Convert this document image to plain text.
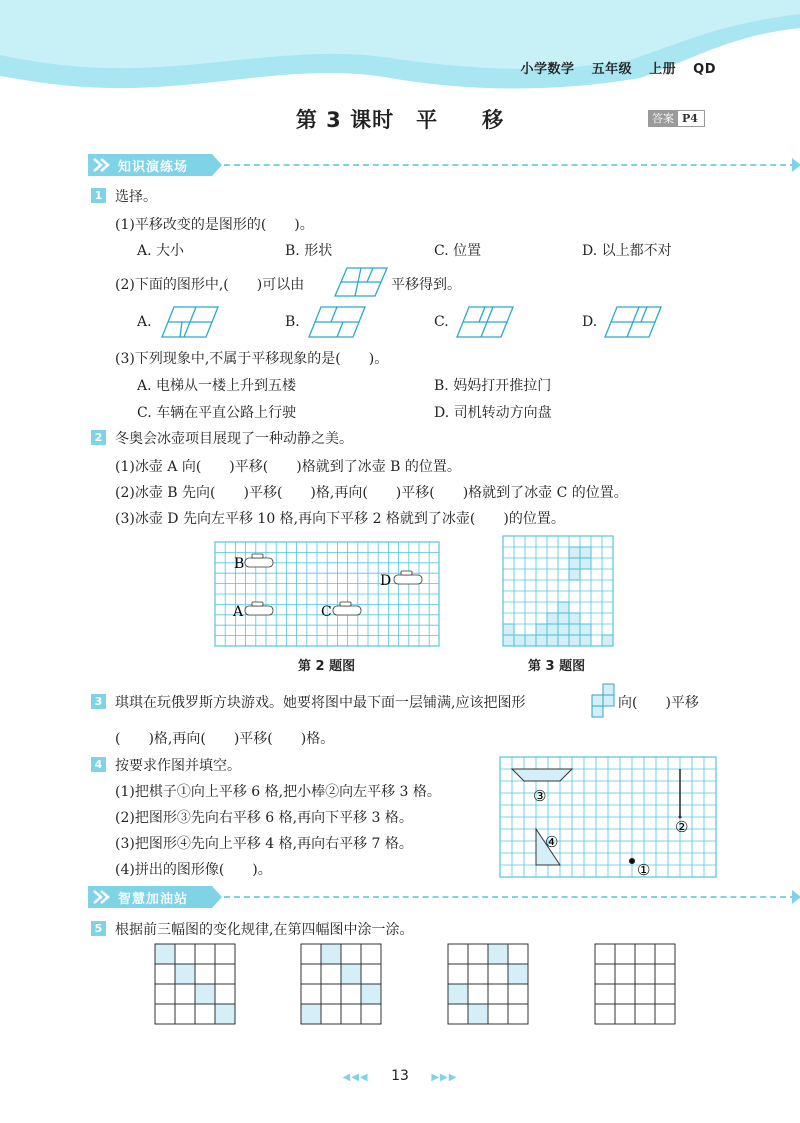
小学数学 五年级 上册 QD
第 3 课时　平　　移	答案 P4
知识演练场
1 选择。
(1)平移改变的是图形的(　　)。
A. 大小	B. 形状	C. 位置	D. 以上都不对
(2)下面的图形中,(　　)可以由	平移得到。
A.	B.	C.	D.
(3)下列现象中,不属于平移现象的是(　　)。
A. 电梯从一楼上升到五楼	B. 妈妈打开推拉门
C. 车辆在平直公路上行驶	D. 司机转动方向盘
2 冬奥会冰壶项目展现了一种动静之美。
(1)冰壶 A 向(　　)平移(　　)格就到了冰壶 B 的位置。
(2)冰壶 B 先向(　　)平移(　　)格,再向(　　)平移(　　)格就到了冰壶 C 的位置。
(3)冰壶 D 先向左平移 10 格,再向下平移 2 格就到了冰壶(　　)的位置。
B
A	C
D
第 2 题图	第 3 题图
3 琪琪在玩俄罗斯方块游戏。她要将图中最下面一层铺满,应该把图形	向(　　)平移
(　　)格,再向(　　)平移(　　)格。
4 按要求作图并填空。
(1)把棋子①向上平移 6 格,把小棒②向左平移 3 格。
(2)把图形③先向右平移 6 格,再向下平移 3 格。
(3)把图形④先向上平移 4 格,再向右平移 7 格。
(4)拼出的图形像(　　)。
③
④
②
①
智慧加油站
5 根据前三幅图的变化规律,在第四幅图中涂一涂。
◀◀◀ 13 ▶▶▶
